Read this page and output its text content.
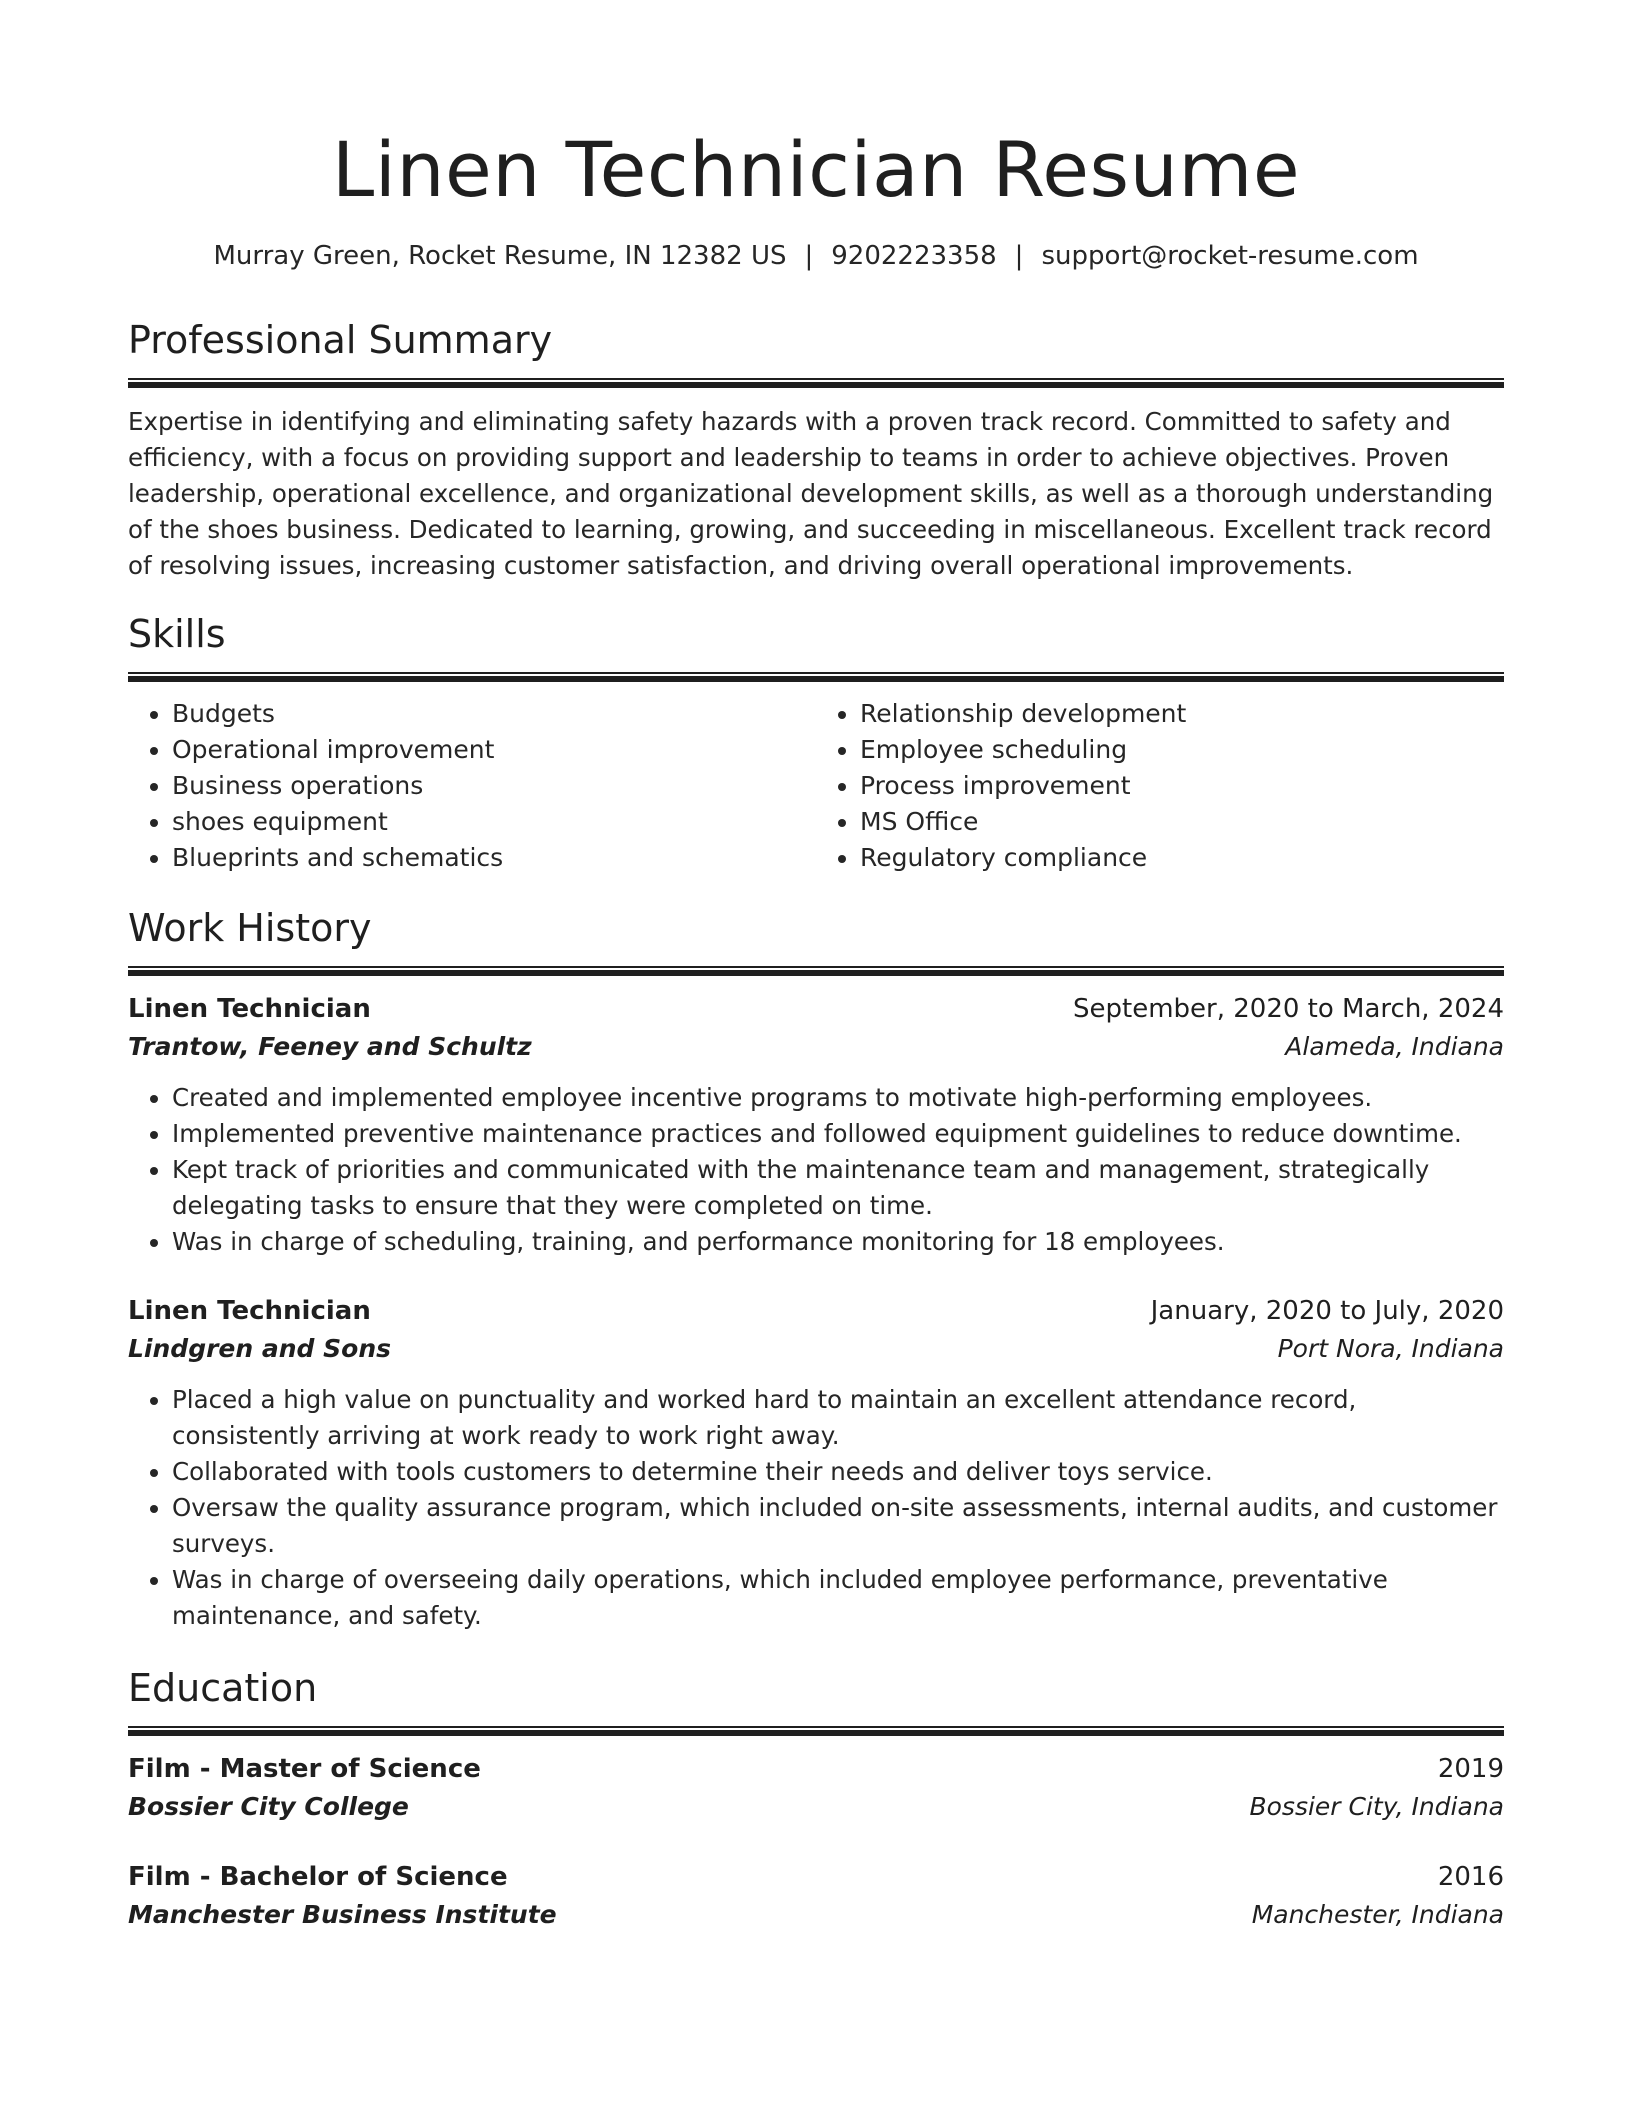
Linen Technician Resume
Murray Green, Rocket Resume, IN 12382 US | 9202223358 | support@rocket-resume.com
Professional Summary
Expertise in identifying and eliminating safety hazards with a proven track record. Committed to safety and efficiency, with a focus on providing support and leadership to teams in order to achieve objectives. Proven leadership, operational excellence, and organizational development skills, as well as a thorough understanding of the shoes business. Dedicated to learning, growing, and succeeding in miscellaneous. Excellent track record of resolving issues, increasing customer satisfaction, and driving overall operational improvements.
Skills
• Budgets
• Operational improvement
• Business operations
• shoes equipment
• Blueprints and schematics
• Relationship development
• Employee scheduling
• Process improvement
• MS Office
• Regulatory compliance
Work History
Linen Technician	September, 2020 to March, 2024
Trantow, Feeney and Schultz	Alameda, Indiana
• Created and implemented employee incentive programs to motivate high-performing employees.
• Implemented preventive maintenance practices and followed equipment guidelines to reduce downtime.
• Kept track of priorities and communicated with the maintenance team and management, strategically delegating tasks to ensure that they were completed on time.
• Was in charge of scheduling, training, and performance monitoring for 18 employees.
Linen Technician	January, 2020 to July, 2020
Lindgren and Sons	Port Nora, Indiana
• Placed a high value on punctuality and worked hard to maintain an excellent attendance record, consistently arriving at work ready to work right away.
• Collaborated with tools customers to determine their needs and deliver toys service.
• Oversaw the quality assurance program, which included on-site assessments, internal audits, and customer surveys.
• Was in charge of overseeing daily operations, which included employee performance, preventative maintenance, and safety.
Education
Film - Master of Science	2019
Bossier City College	Bossier City, Indiana
Film - Bachelor of Science	2016
Manchester Business Institute	Manchester, Indiana
